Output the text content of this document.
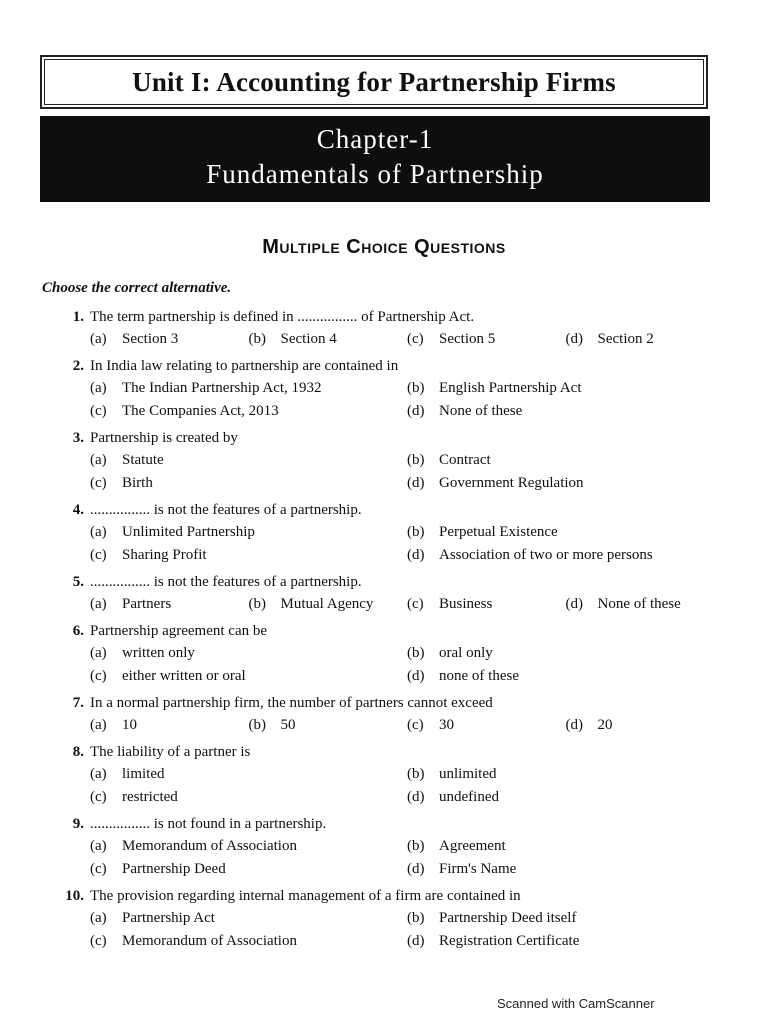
Unit I: Accounting for Partnership Firms
Chapter-1
Fundamentals of Partnership
Multiple Choice Questions
Choose the correct alternative.
1. The term partnership is defined in ................ of Partnership Act.
(a)	Section 3	(b) Section 4	(c)	Section 5	(d) Section 2
2. In India law relating to partnership are contained in
(a)	The Indian Partnership Act, 1932	(b) English Partnership Act
(c)	The Companies Act, 2013	(d) None of these
3. Partnership is created by
(a)	Statute	(b) Contract
(c)	Birth	(d) Government Regulation
4. ................ is not the features of a partnership.
(a)	Unlimited Partnership	(b) Perpetual Existence
(c)	Sharing Profit	(d) Association of two or more persons
5. ................ is not the features of a partnership.
(a)	Partners	(b) Mutual Agency (c)	Business	(d) None of these
6. Partnership agreement can be
(a)	written only	(b) oral only
(c)	either written or oral	(d) none of these
7. In a normal partnership firm, the number of partners cannot exceed
(a)	10	(b) 50	(c)	30	(d) 20
8. The liability of a partner is
(a)	limited	(b) unlimited
(c)	restricted	(d) undefined
9. ................ is not found in a partnership.
(a)	Memorandum of Association	(b) Agreement
(c)	Partnership Deed	(d) Firm's Name
10. The provision regarding internal management of a firm are contained in
(a)	Partnership Act	(b) Partnership Deed itself
(c)	Memorandum of Association	(d) Registration Certificate
Scanned with CamScanner
